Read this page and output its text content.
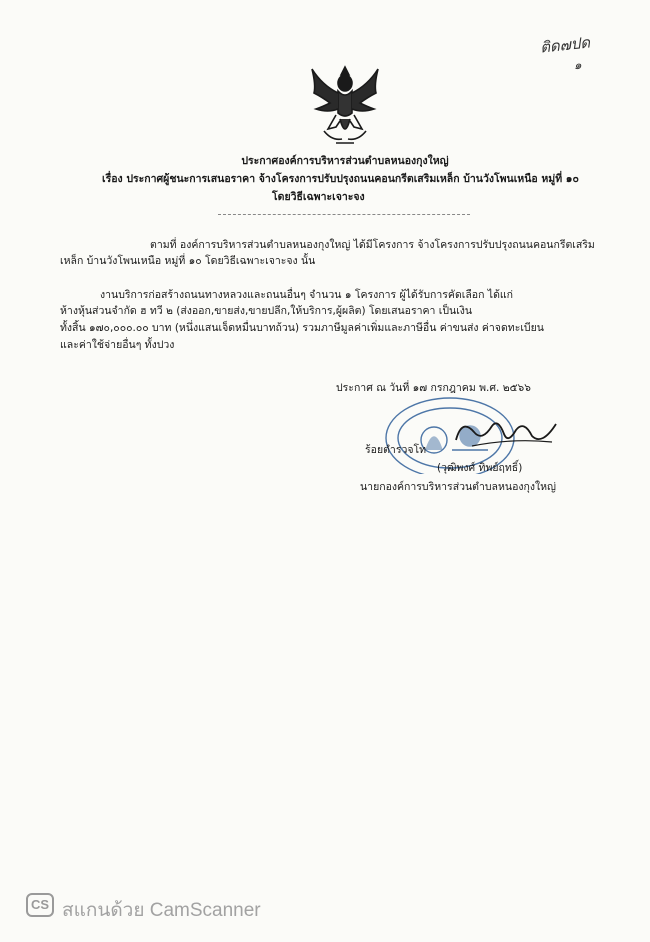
ติด๗ปด
๑
ประกาศองค์การบริหารส่วนตำบลหนองกุงใหญ่
เรื่อง ประกาศผู้ชนะการเสนอราคา จ้างโครงการปรับปรุงถนนคอนกรีตเสริมเหล็ก บ้านวังโพนเหนือ หมู่ที่ ๑๐
โดยวิธีเฉพาะเจาะจง
ตามที่ องค์การบริหารส่วนตำบลหนองกุงใหญ่ ได้มีโครงการ จ้างโครงการปรับปรุงถนนคอนกรีตเสริม
เหล็ก บ้านวังโพนเหนือ หมู่ที่ ๑๐ โดยวิธีเฉพาะเจาะจง นั้น
งานบริการก่อสร้างถนนทางหลวงและถนนอื่นๆ จำนวน ๑ โครงการ ผู้ได้รับการคัดเลือก ได้แก่
ห้างหุ้นส่วนจำกัด ฮ ทวี ๒ (ส่งออก,ขายส่ง,ขายปลีก,ให้บริการ,ผู้ผลิต) โดยเสนอราคา เป็นเงิน
ทั้งสิ้น ๑๗๐,๐๐๐.๐๐ บาท (หนึ่งแสนเจ็ดหมื่นบาทถ้วน) รวมภาษีมูลค่าเพิ่มและภาษีอื่น ค่าขนส่ง ค่าจดทะเบียน
และค่าใช้จ่ายอื่นๆ ทั้งปวง
ประกาศ ณ วันที่ ๑๗ กรกฎาคม พ.ศ. ๒๕๖๖
ร้อยตำรวจโท
(วุฒิพงศ์ ทิพย์ฤทธิ์)
นายกองค์การบริหารส่วนตำบลหนองกุงใหญ่
CS สแกนด้วย CamScanner
